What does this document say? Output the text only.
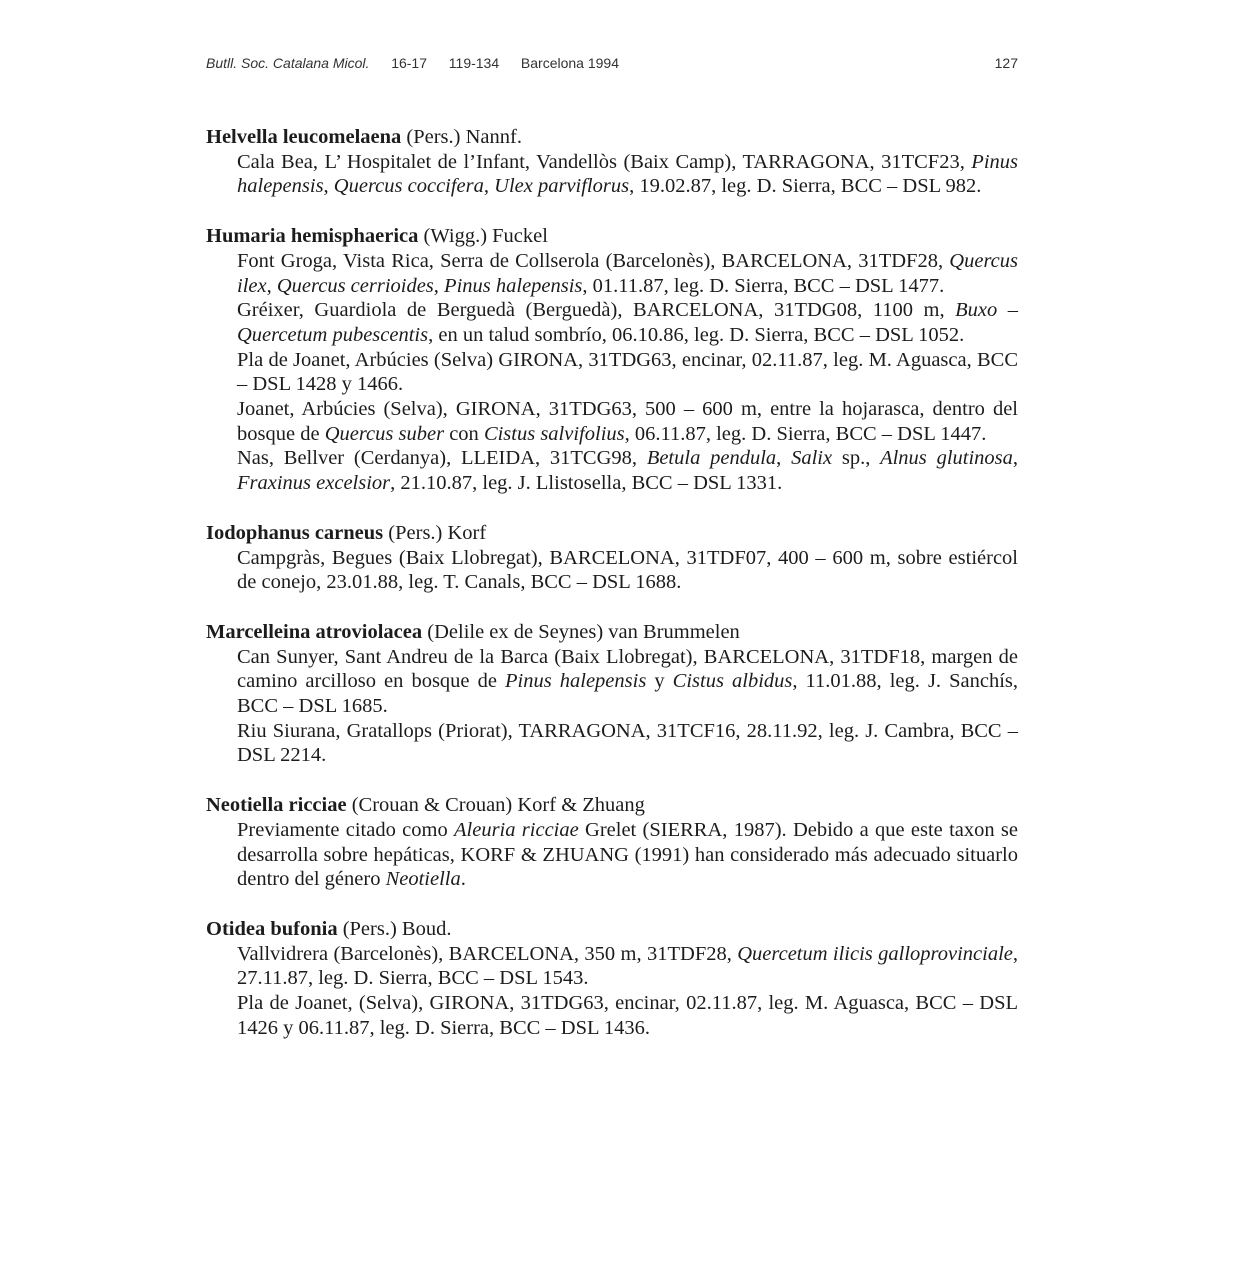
Butll. Soc. Catalana Micol. 16-17 119-134 Barcelona 1994	127
Helvella leucomelaena (Pers.) Nannf.
Cala Bea, L’ Hospitalet de l’Infant, Vandellòs (Baix Camp), TARRAGONA, 31TCF23, Pinus halepensis, Quercus coccifera, Ulex parviflorus, 19.02.87, leg. D. Sierra, BCC – DSL 982.
Humaria hemisphaerica (Wigg.) Fuckel
Font Groga, Vista Rica, Serra de Collserola (Barcelonès), BARCELONA, 31TDF28, Quercus ilex, Quercus cerrioides, Pinus halepensis, 01.11.87, leg. D. Sierra, BCC – DSL 1477.
Gréixer, Guardiola de Berguedà (Berguedà), BARCELONA, 31TDG08, 1100 m, Buxo – Quercetum pubescentis, en un talud sombrío, 06.10.86, leg. D. Sierra, BCC – DSL 1052.
Pla de Joanet, Arbúcies (Selva) GIRONA, 31TDG63, encinar, 02.11.87, leg. M. Aguasca, BCC – DSL 1428 y 1466.
Joanet, Arbúcies (Selva), GIRONA, 31TDG63, 500 – 600 m, entre la hojarasca, dentro del bosque de Quercus suber con Cistus salvifolius, 06.11.87, leg. D. Sierra, BCC – DSL 1447.
Nas, Bellver (Cerdanya), LLEIDA, 31TCG98, Betula pendula, Salix sp., Alnus glutinosa, Fraxinus excelsior, 21.10.87, leg. J. Llistosella, BCC – DSL 1331.
Iodophanus carneus (Pers.) Korf
Campgràs, Begues (Baix Llobregat), BARCELONA, 31TDF07, 400 – 600 m, sobre estiércol de conejo, 23.01.88, leg. T. Canals, BCC – DSL 1688.
Marcelleina atroviolacea (Delile ex de Seynes) van Brummelen
Can Sunyer, Sant Andreu de la Barca (Baix Llobregat), BARCELONA, 31TDF18, margen de camino arcilloso en bosque de Pinus halepensis y Cistus albidus, 11.01.88, leg. J. Sanchís, BCC – DSL 1685.
Riu Siurana, Gratallops (Priorat), TARRAGONA, 31TCF16, 28.11.92, leg. J. Cambra, BCC – DSL 2214.
Neotiella ricciae (Crouan & Crouan) Korf & Zhuang
Previamente citado como Aleuria ricciae Grelet (SIERRA, 1987). Debido a que este taxon se desarrolla sobre hepáticas, KORF & ZHUANG (1991) han considerado más adecuado situarlo dentro del género Neotiella.
Otidea bufonia (Pers.) Boud.
Vallvidrera (Barcelonès), BARCELONA, 350 m, 31TDF28, Quercetum ilicis galloprovinciale, 27.11.87, leg. D. Sierra, BCC – DSL 1543.
Pla de Joanet, (Selva), GIRONA, 31TDG63, encinar, 02.11.87, leg. M. Aguasca, BCC – DSL 1426 y 06.11.87, leg. D. Sierra, BCC – DSL 1436.
